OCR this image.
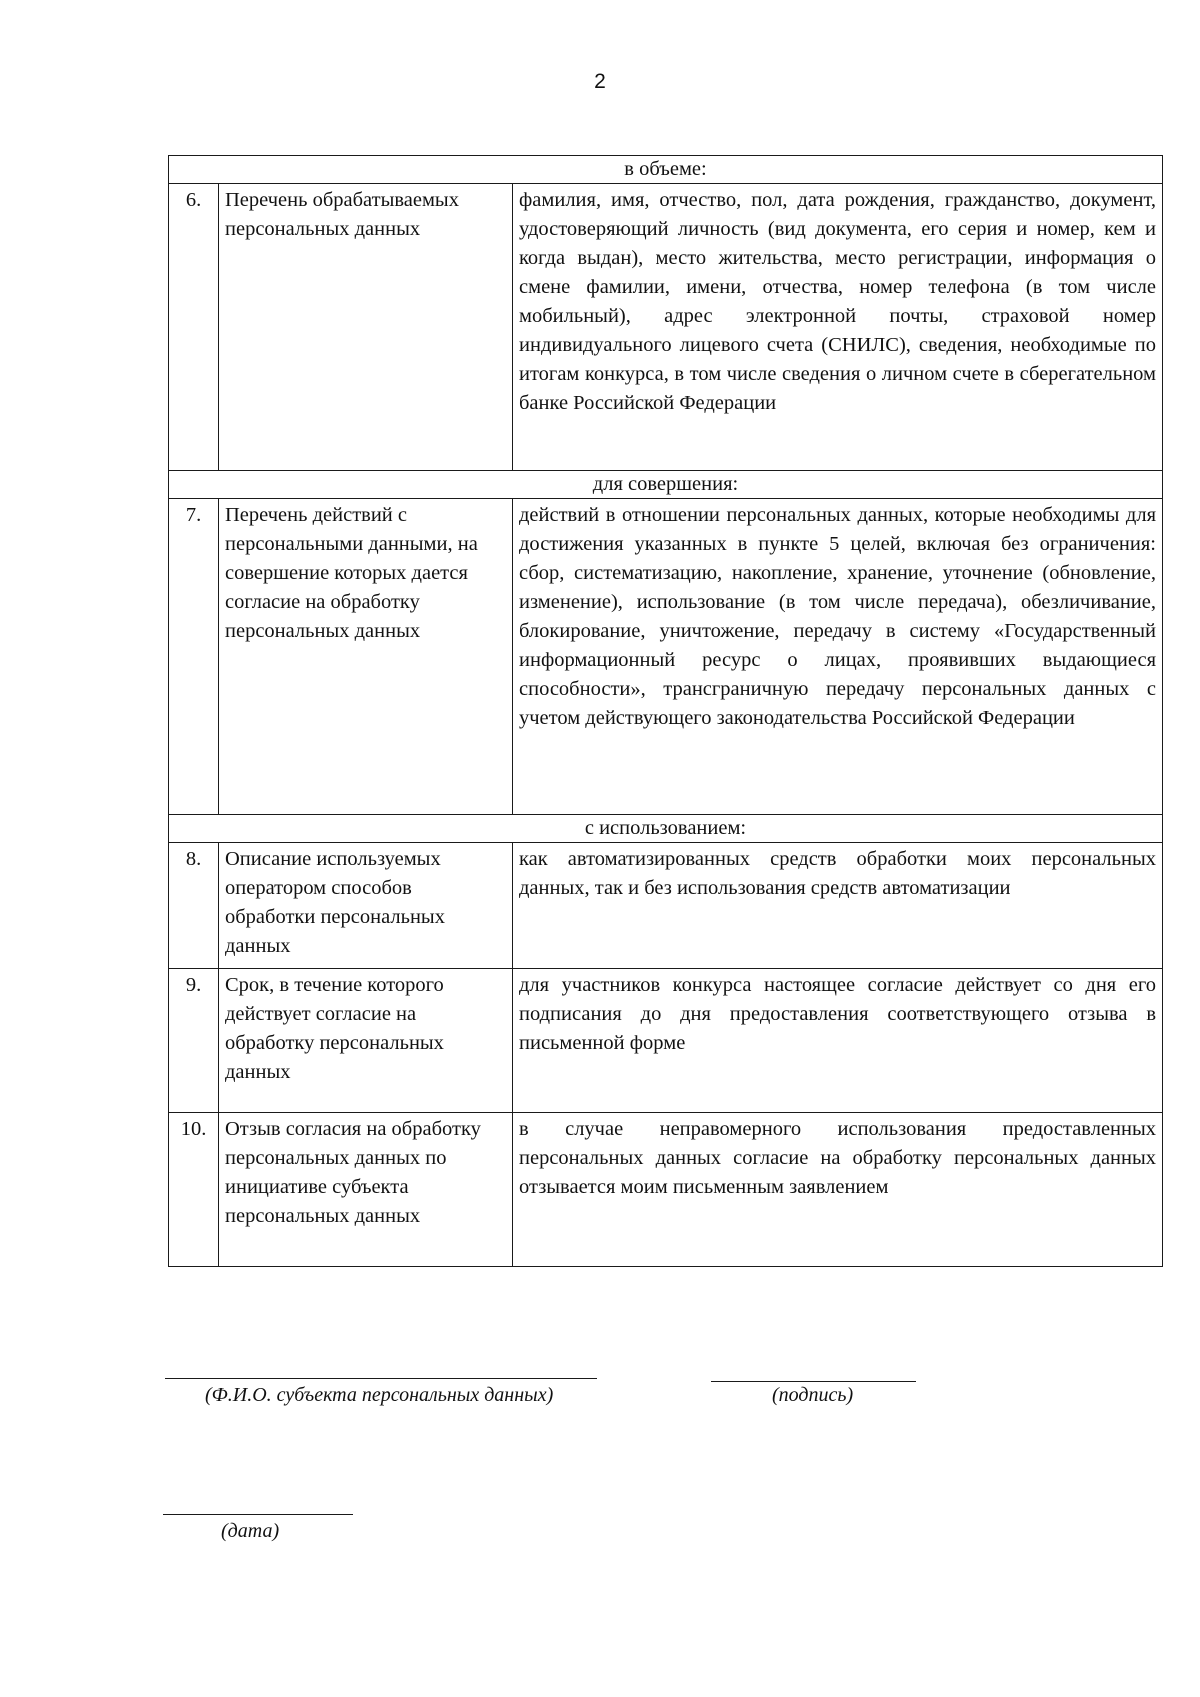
2
в объеме:		
6.	Перечень обрабатываемых персональных данных	фамилия, имя, отчество, пол, дата рождения, гражданство, документ, удостоверяющий личность (вид документа, его серия и номер, кем и когда выдан), место жительства, место регистрации, информация о смене фамилии, имени, отчества, номер телефона (в том числе мобильный), адрес электронной почты, страховой номер индивидуального лицевого счета (СНИЛС), сведения, необходимые по итогам конкурса, в том числе сведения о личном счете в сберегательном банке Российской Федерации
для совершения:		
7.	Перечень действий с персональными данными, на совершение которых дается согласие на обработку персональных данных	действий в отношении персональных данных, которые необходимы для достижения указанных в пункте 5 целей, включая без ограничения: сбор, систематизацию, накопление, хранение, уточнение (обновление, изменение), использование (в том числе передача), обезличивание, блокирование, уничтожение, передачу в систему «Государственный информационный ресурс о лицах, проявивших выдающиеся способности», трансграничную передачу персональных данных с учетом действующего законодательства Российской Федерации
с использованием:		
8.	Описание используемых оператором способов обработки персональных данных	как автоматизированных средств обработки моих персональных данных, так и без использования средств автоматизации
9.	Срок, в течение которого действует согласие на обработку персональных данных	для участников конкурса настоящее согласие действует со дня его подписания до дня предоставления соответствующего отзыва в письменной форме
10.	Отзыв согласия на обработку персональных данных по инициативе субъекта персональных данных	в случае неправомерного использования предоставленных персональных данных согласие на обработку персональных данных отзывается моим письменным заявлением
(Ф.И.О. субъекта персональных данных)	(подпись)
(дата)
